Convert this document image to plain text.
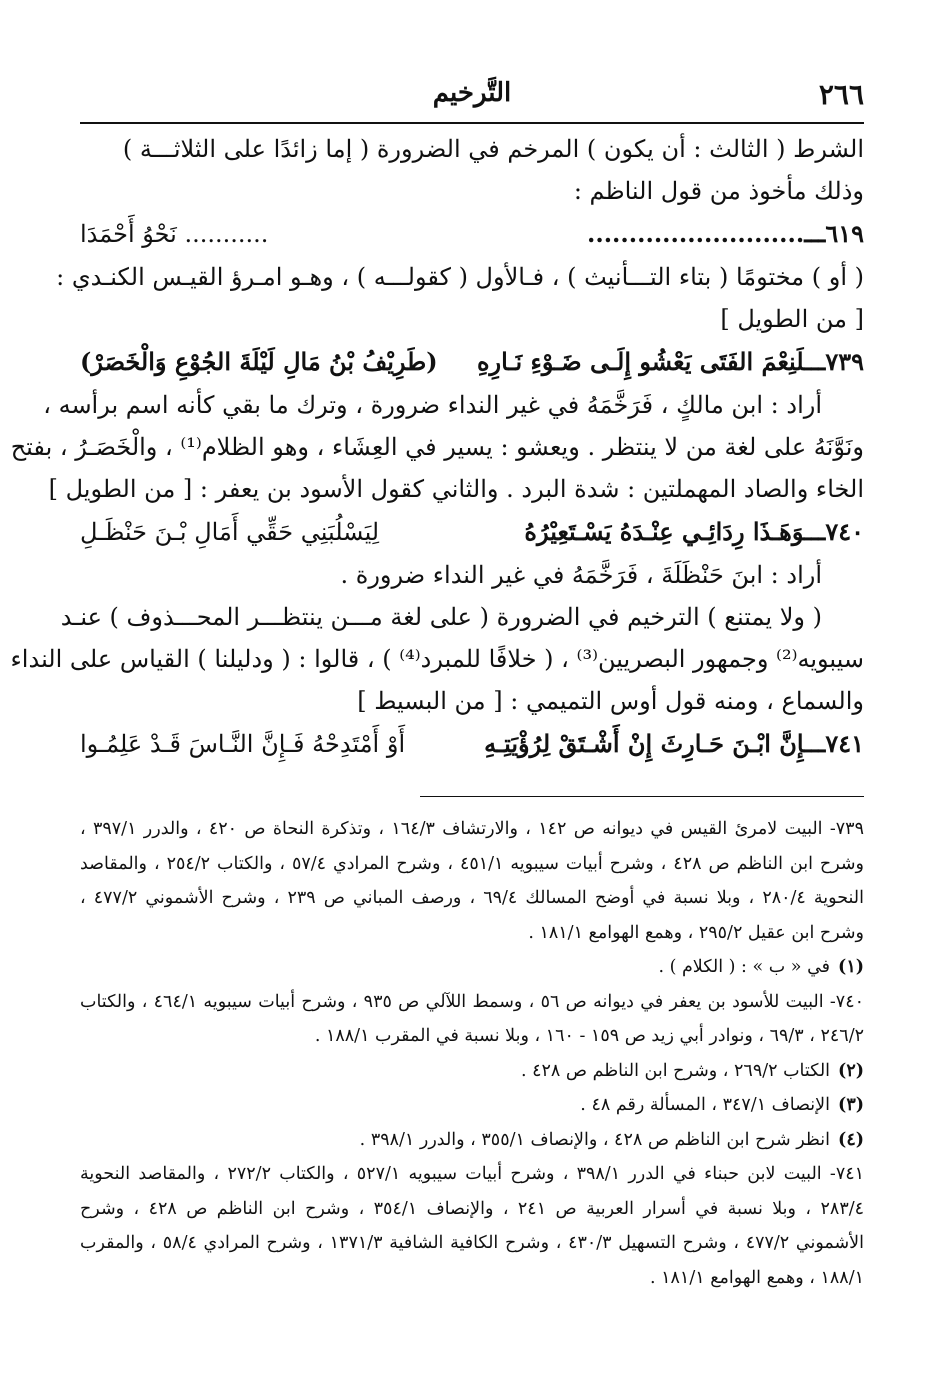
٢٦٦
التَّرخيم

الشرط ( الثالث : أن يكون ) المرخم في الضرورة ( إما زائدًا على الثلاثـــة )

وذلك مأخوذ من قول الناظم :

٦١٩ـــ..........................
........... نَحْوُ أَحْمَدَا

( أو ) مختومًا ( بتاء التـــأنيث ) ، فـالأول ( كقولـــه ) ، وهـو امـرؤ القيـس الكنـدي :

[ من الطويل ]

٧٣٩ـــلَنِعْمَ الفَتَى يَعْشُو إِلَـى ضَـوْءِ نَـارِهِ
(طَرِيْفُ بْنُ مَالِ لَيْلَةَ الجُوْعِ وَالْخَصَرْ)

أراد : ابن مالكٍ ، فَرَخَّمَهُ في غير النداء ضرورة ، وترك ما بقي كأنه اسم برأسه ،

ونَوَّنَهُ على لغة من لا ينتظر . ويعشو : يسير في العِشَاء ، وهو الظلام⁽¹⁾ ، والْخَصَـرُ ، بفتح

الخاء والصاد المهملتين : شدة البرد . والثاني كقول الأسود بن يعفر : [ من الطويل ]

٧٤٠ـــوَهَـذَا رِدَائِـي عِنْـدَهُ يَسْـتَعِيْرُهُ
لِيَسْلُبَنِي حَقِّي أَمَالِ بْـنَ حَنْظَـلِ

أراد : ابنَ حَنْظَلَةَ ، فَرَخَّمَهُ في غير النداء ضرورة .

( ولا يمتنع ) الترخيم في الضرورة ( على لغة مـــن ينتظـــر المحـــذوف ) عنـد

سيبويه⁽²⁾ وجمهور البصريين⁽³⁾ ، ( خلافًا للمبرد⁽⁴⁾ ) ، قالوا : ( ودليلنا ) القياس على النداء

والسماع ، ومنه قول أوس التميمي : [ من البسيط ]

٧٤١ـــإِنَّ ابْـنَ حَـارِثَ إِنْ أَشْـتَقْ لِرُؤْيَتِـهِ
أَوْ أَمْتَدِحْهُ فَـإِنَّ النَّـاسَ قَـدْ عَلِمُـوا

٧٣٩- البيت لامرئ القيس في ديوانه ص ١٤٢ ، والارتشاف ١٦٤/٣ ، وتذكرة النحاة ص ٤٢٠ ، والدرر ٣٩٧/١ ، وشرح ابن الناظم ص ٤٢٨ ، وشرح أبيات سيبويه ٤٥١/١ ، وشرح المرادي ٥٧/٤ ، والكتاب ٢٥٤/٢ ، والمقاصد النحوية ٢٨٠/٤ ، وبلا نسبة في أوضح المسالك ٦٩/٤ ، ورصف المباني ص ٢٣٩ ، وشرح الأشموني ٤٧٧/٢ ، وشرح ابن عقيل ٢٩٥/٢ ، وهمع الهوامع ١٨١/١ .

(١)في « ب » : ( الكلام ) .

٧٤٠- البيت للأسود بن يعفر في ديوانه ص ٥٦ ، وسمط اللآلي ص ٩٣٥ ، وشرح أبيات سيبويه ٤٦٤/١ ، والكتاب ٢٤٦/٢ ، ٦٩/٣ ، ونوادر أبي زيد ص ١٥٩ - ١٦٠ ، وبلا نسبة في المقرب ١٨٨/١ .

(٢)الكتاب ٢٦٩/٢ ، وشرح ابن الناظم ص ٤٢٨ .

(٣)الإنصاف ٣٤٧/١ ، المسألة رقم ٤٨ .

(٤)انظر شرح ابن الناظم ص ٤٢٨ ، والإنصاف ٣٥٥/١ ، والدرر ٣٩٨/١ .

٧٤١- البيت لابن حبناء في الدرر ٣٩٨/١ ، وشرح أبيات سيبويه ٥٢٧/١ ، والكتاب ٢٧٢/٢ ، والمقاصد النحوية ٢٨٣/٤ ، وبلا نسبة في أسرار العربية ص ٢٤١ ، والإنصاف ٣٥٤/١ ، وشرح ابن الناظم ص ٤٢٨ ، وشرح الأشموني ٤٧٧/٢ ، وشرح التسهيل ٤٣٠/٣ ، وشرح الكافية الشافية ١٣٧١/٣ ، وشرح المرادي ٥٨/٤ ، والمقرب ١٨٨/١ ، وهمع الهوامع ١٨١/١ .
